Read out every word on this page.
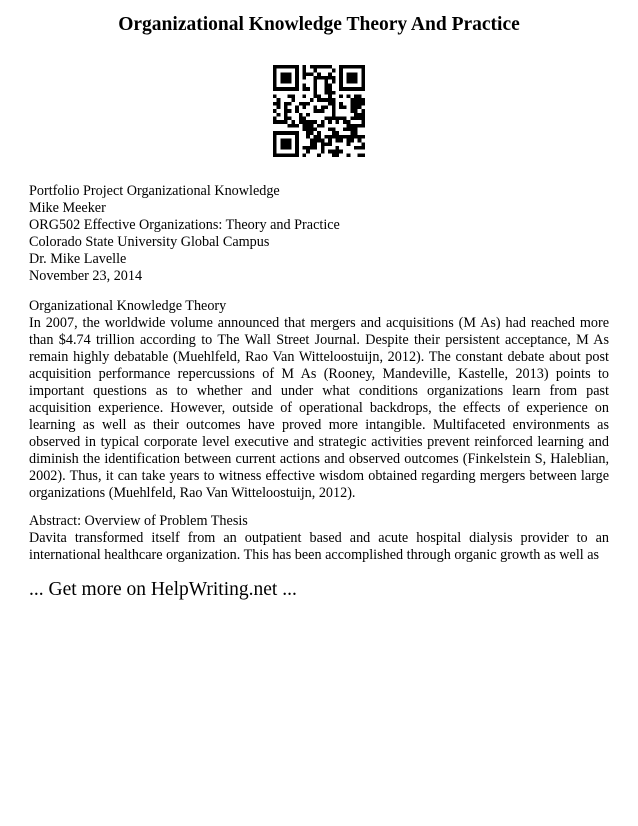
Organizational Knowledge Theory And Practice
Portfolio Project Organizational Knowledge
Mike Meeker
ORG502 Effective Organizations: Theory and Practice
Colorado State University Global Campus
Dr. Mike Lavelle
November 23, 2014
Organizational Knowledge Theory
In 2007, the worldwide volume announced that mergers and acquisitions (M As) had reached more than $4.74 trillion according to The Wall Street Journal. Despite their persistent acceptance, M As remain highly debatable (Muehlfeld, Rao Van Witteloostuijn, 2012). The constant debate about post acquisition performance repercussions of M As (Rooney, Mandeville, Kastelle, 2013) points to important questions as to whether and under what conditions organizations learn from past acquisition experience. However, outside of operational backdrops, the effects of experience on learning as well as their outcomes have proved more intangible. Multifaceted environments as observed in typical corporate level executive and strategic activities prevent reinforced learning and diminish the identification between current actions and observed outcomes (Finkelstein S, Haleblian, 2002). Thus, it can take years to witness effective wisdom obtained regarding mergers between large organizations (Muehlfeld, Rao Van Witteloostuijn, 2012).
Abstract: Overview of Problem Thesis
Davita transformed itself from an outpatient based and acute hospital dialysis provider to an international healthcare organization. This has been accomplished through organic growth as well as
... Get more on HelpWriting.net ...
